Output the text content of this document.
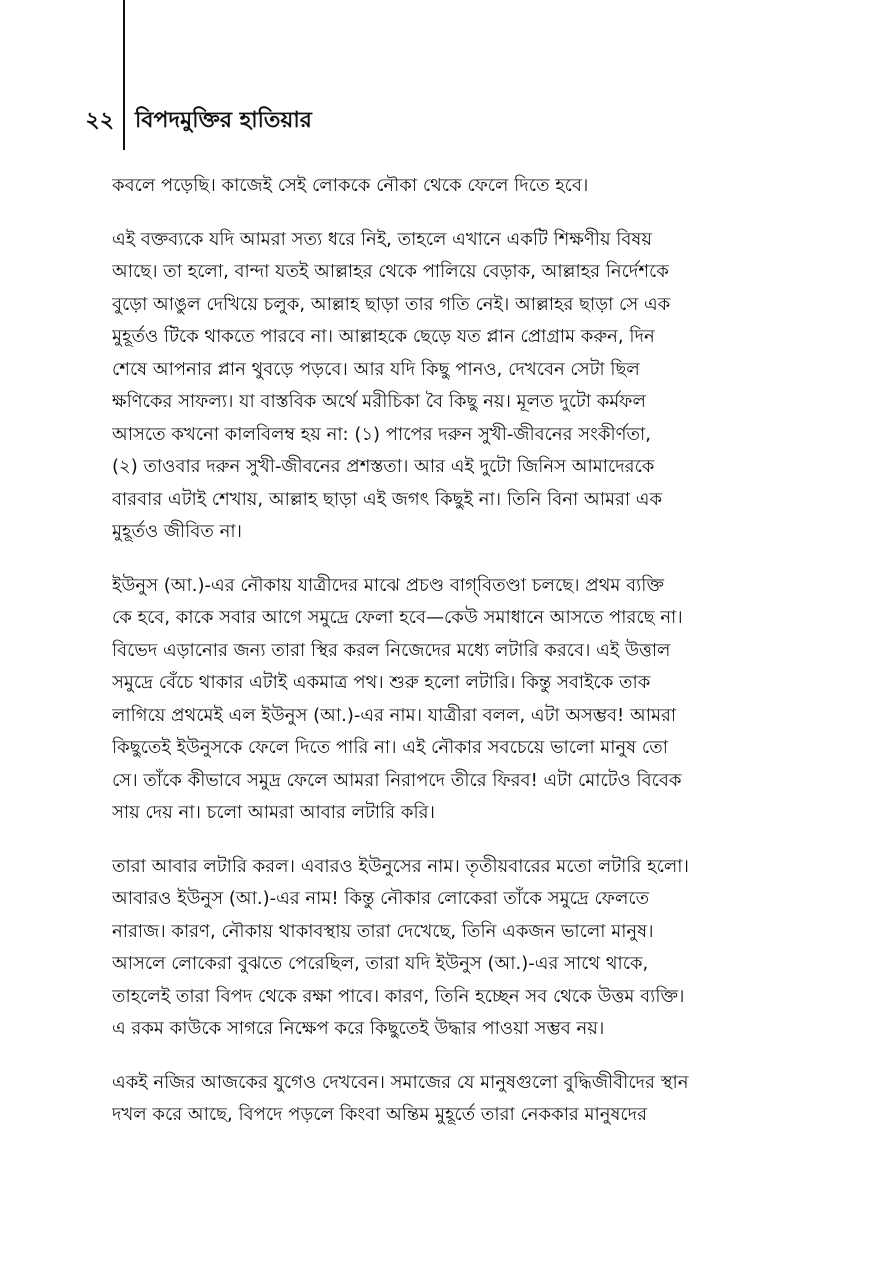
২২ বিপদমুক্তির হাতিয়ার

কবলে পড়েছি। কাজেই সেই লোককে নৌকা থেকে ফেলে দিতে হবে।

এই বক্তব্যকে যদি আমরা সত্য ধরে নিই, তাহলে এখানে একটি শিক্ষণীয় বিষয়
আছে। তা হলো, বান্দা যতই আল্লাহর থেকে পালিয়ে বেড়াক, আল্লাহর নির্দেশকে
বুড়ো আঙুল দেখিয়ে চলুক, আল্লাহ ছাড়া তার গতি নেই। আল্লাহর ছাড়া সে এক
মুহূর্তও টিকে থাকতে পারবে না। আল্লাহকে ছেড়ে যত প্লান প্রোগ্রাম করুন, দিন
শেষে আপনার প্লান থুবড়ে পড়বে। আর যদি কিছু পানও, দেখবেন সেটা ছিল
ক্ষণিকের সাফল্য। যা বাস্তবিক অর্থে মরীচিকা বৈ কিছু নয়। মূলত দুটো কর্মফল
আসতে কখনো কালবিলম্ব হয় না: (১) পাপের দরুন সুখী-জীবনের সংকীর্ণতা,
(২) তাওবার দরুন সুখী-জীবনের প্রশস্ততা। আর এই দুটো জিনিস আমাদেরকে
বারবার এটাই শেখায়, আল্লাহ ছাড়া এই জগৎ কিছুই না। তিনি বিনা আমরা এক
মুহূর্তও জীবিত না।

ইউনুস (আ.)-এর নৌকায় যাত্রীদের মাঝে প্রচণ্ড বাগ্‌বিতণ্ডা চলছে। প্রথম ব্যক্তি
কে হবে, কাকে সবার আগে সমুদ্রে ফেলা হবে—কেউ সমাধানে আসতে পারছে না।
বিভেদ এড়ানোর জন্য তারা স্থির করল নিজেদের মধ্যে লটারি করবে। এই উত্তাল
সমুদ্রে বেঁচে থাকার এটাই একমাত্র পথ। শুরু হলো লটারি। কিন্তু সবাইকে তাক
লাগিয়ে প্রথমেই এল ইউনুস (আ.)-এর নাম। যাত্রীরা বলল, এটা অসম্ভব! আমরা
কিছুতেই ইউনুসকে ফেলে দিতে পারি না। এই নৌকার সবচেয়ে ভালো মানুষ তো
সে। তাঁকে কীভাবে সমুদ্র ফেলে আমরা নিরাপদে তীরে ফিরব! এটা মোটেও বিবেক
সায় দেয় না। চলো আমরা আবার লটারি করি।

তারা আবার লটারি করল। এবারও ইউনুসের নাম। তৃতীয়বারের মতো লটারি হলো।
আবারও ইউনুস (আ.)-এর নাম! কিন্তু নৌকার লোকেরা তাঁকে সমুদ্রে ফেলতে
নারাজ। কারণ, নৌকায় থাকাবস্থায় তারা দেখেছে, তিনি একজন ভালো মানুষ।
আসলে লোকেরা বুঝতে পেরেছিল, তারা যদি ইউনুস (আ.)-এর সাথে থাকে,
তাহলেই তারা বিপদ থেকে রক্ষা পাবে। কারণ, তিনি হচ্ছেন সব থেকে উত্তম ব্যক্তি।
এ রকম কাউকে সাগরে নিক্ষেপ করে কিছুতেই উদ্ধার পাওয়া সম্ভব নয়।

একই নজির আজকের যুগেও দেখবেন। সমাজের যে মানুষগুলো বুদ্ধিজীবীদের স্থান
দখল করে আছে, বিপদে পড়লে কিংবা অন্তিম মুহূর্তে তারা নেককার মানুষদের
